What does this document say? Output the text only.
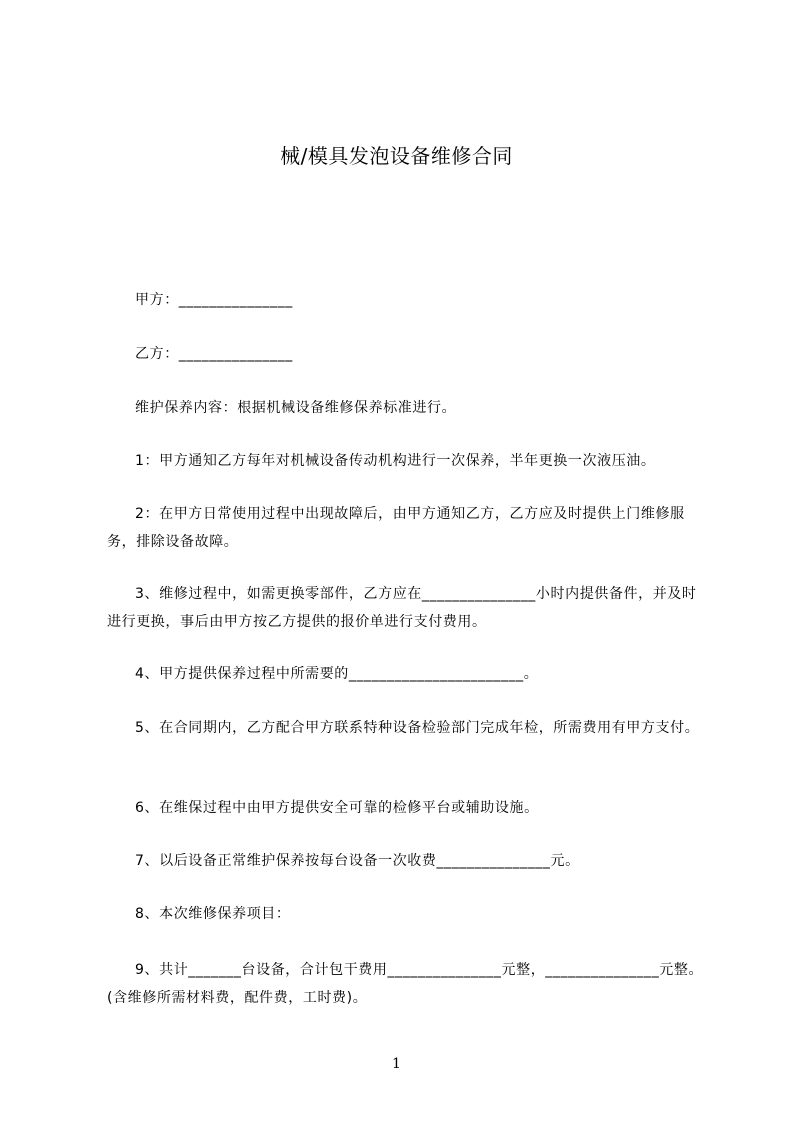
械/模具发泡设备维修合同
甲方：_______________
乙方：_______________
维护保养内容：根据机械设备维修保养标准进行。
1：甲方通知乙方每年对机械设备传动机构进行一次保养，半年更换一次液压油。
2：在甲方日常使用过程中出现故障后，由甲方通知乙方，乙方应及时提供上门维修服务，排除设备故障。
3、维修过程中，如需更换零部件，乙方应在_______________小时内提供备件，并及时进行更换，事后由甲方按乙方提供的报价单进行支付费用。
4、甲方提供保养过程中所需要的_______________________。
5、在合同期内，乙方配合甲方联系特种设备检验部门完成年检，所需费用有甲方支付。
6、在维保过程中由甲方提供安全可靠的检修平台或辅助设施。
7、以后设备正常维护保养按每台设备一次收费_______________元。
8、本次维修保养项目：
9、共计_______台设备，合计包干费用_______________元整，_______________元整。(含维修所需材料费，配件费，工时费)。
1
